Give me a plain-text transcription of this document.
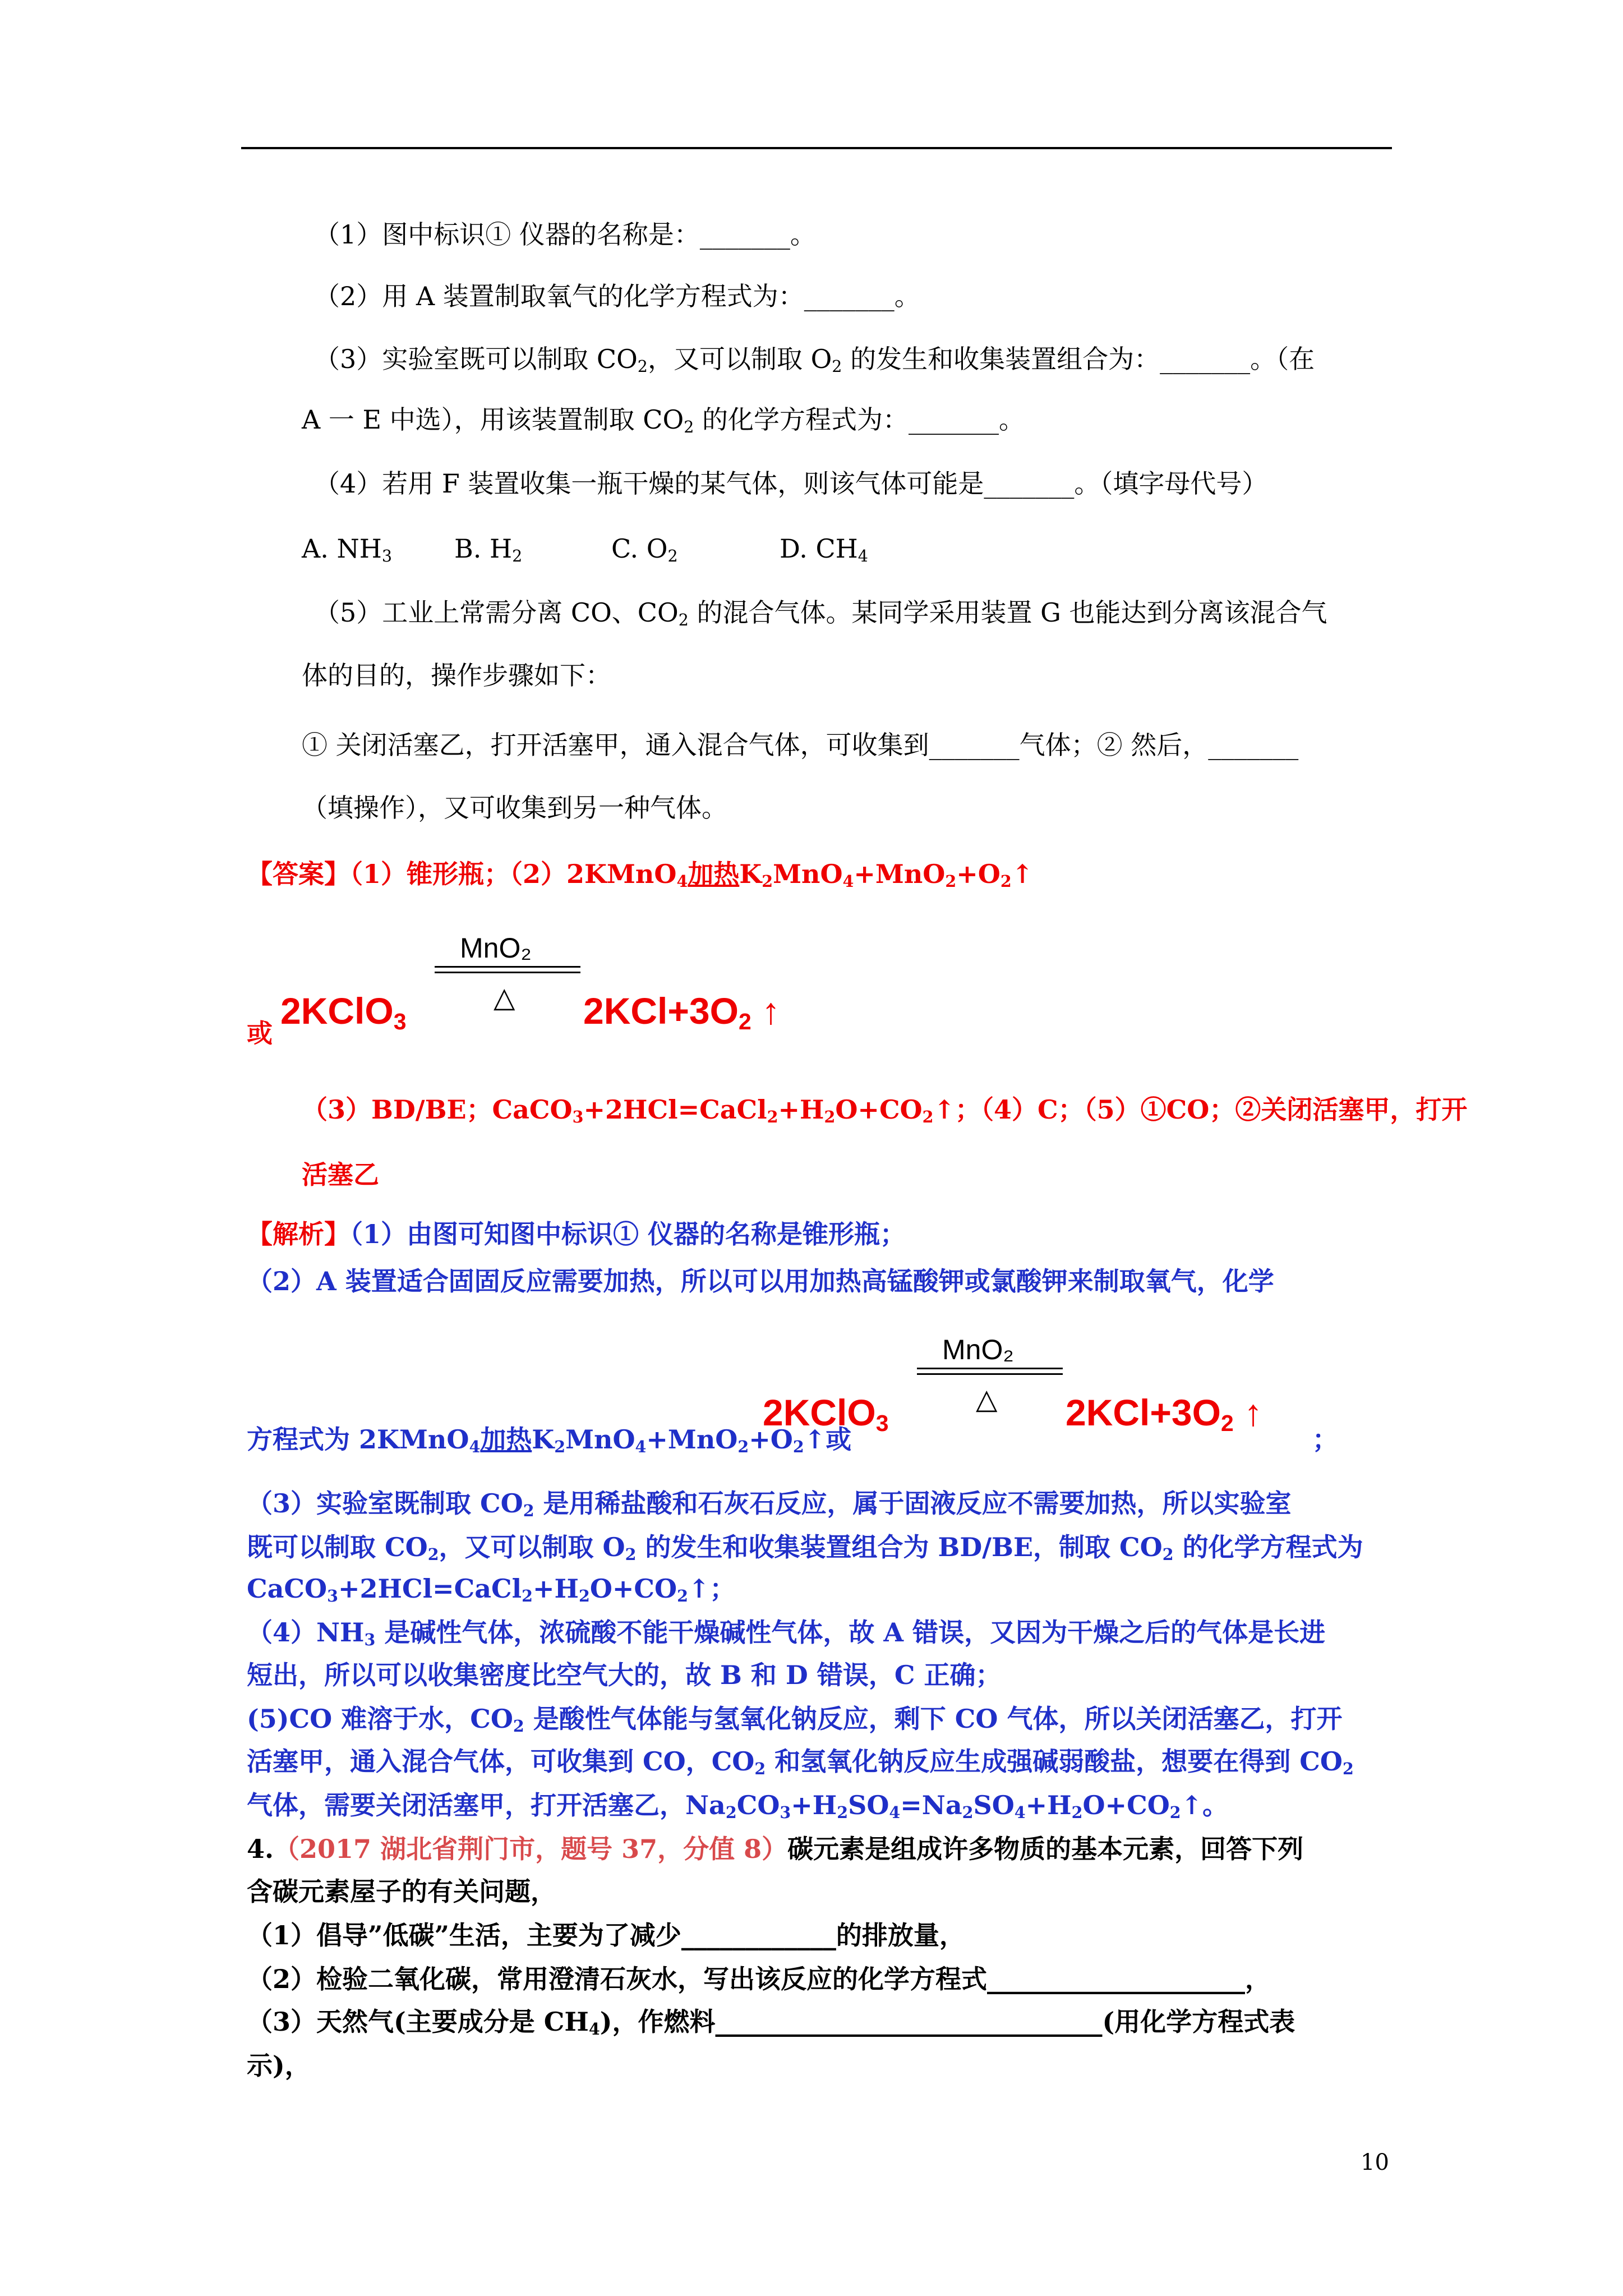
（1）图中标识① 仪器的名称是：_______。
（2）用 A 装置制取氧气的化学方程式为：_______。
（3）实验室既可以制取 $CO_2$，又可以制取 $O_2$ 的发生和收集装置组合为：_______。（在
A 一 E 中选），用该装置制取 $CO_2$ 的化学方程式为：_______。
（4）若用 F 装置收集一瓶干燥的某气体，则该气体可能是_______。（填字母代号）
A. $NH_3$ B. $H_2$	C. $O_2$	D. $CH_4$
（5）工业上常需分离 CO、$CO_2$ 的混合气体。某同学采用装置 G 也能达到分离该混合气
体的目的，操作步骤如下：
① 关闭活塞乙，打开活塞甲，通入混合气体，可收集到_______气体；② 然后，_______
（填操作），又可收集到另一种气体。
【答案】（1）锥形瓶；（2）2KMnO$_4$加热$K_2MnO_4+MnO_2+O_2↑$
MnO₂
△
或
2KClO$_3$	$2KCl+3O_2$ ↑
（3）BD/BE；$CaCO_3+2HCl=CaCl_2+H_2O+CO_2↑$；（4）C；（5）①CO；②关闭活塞甲，打开
活塞乙
【解析】（1）由图可知图中标识① 仪器的名称是锥形瓶；
（2）A 装置适合固固反应需要加热，所以可以用加热高锰酸钾或氯酸钾来制取氧气，化学
MnO₂
△
方程式为 2KMnO$_4$加热$K_2MnO_4+MnO_2+O_2↑$或
2KClO$_3$	$2KCl+3O_2$ ↑
；
（3）实验室既制取 $CO_2$ 是用稀盐酸和石灰石反应，属于固液反应不需要加热，所以实验室
既可以制取 $CO_2$，又可以制取 $O_2$ 的发生和收集装置组合为 BD/BE，制取 $CO_2$ 的化学方程式为
$CaCO_3+2HCl=CaCl_2+H_2O+CO_2↑$；
$(4)NH_3$ 是碱性气体，浓硫酸不能干燥碱性气体，故 A 错误，又因为干燥之后的气体是长进
短出，所以可以收集密度比空气大的，故 B 和 D 错误，C 正确；
(5)CO 难溶于水，$CO_2$ 是酸性气体能与氢氧化钠反应，剩下 CO 气体，所以关闭活塞乙，打开
活塞甲，通入混合气体，可收集到 CO，$CO_2$ 和氢氧化钠反应生成强碱弱酸盐，想要在得到 $CO_2$
气体，需要关闭活塞甲，打开活塞乙，$Na_2CO_3+H_2SO_4=Na_2SO_4+H_2O+CO_2↑$。
4.（2017 湖北省荆门市，题号 37，分值 8）碳元素是组成许多物质的基本元素，回答下列
含碳元素屋子的有关问题，
（1）倡导”低碳”生活，主要为了减少____________的排放量，
（2）检验二氧化碳，常用澄清石灰水，写出该反应的化学方程式____________________，
（3）天然气(主要成分是 $CH_4$)，作燃料______________________________(用化学方程式表
示)，
10
